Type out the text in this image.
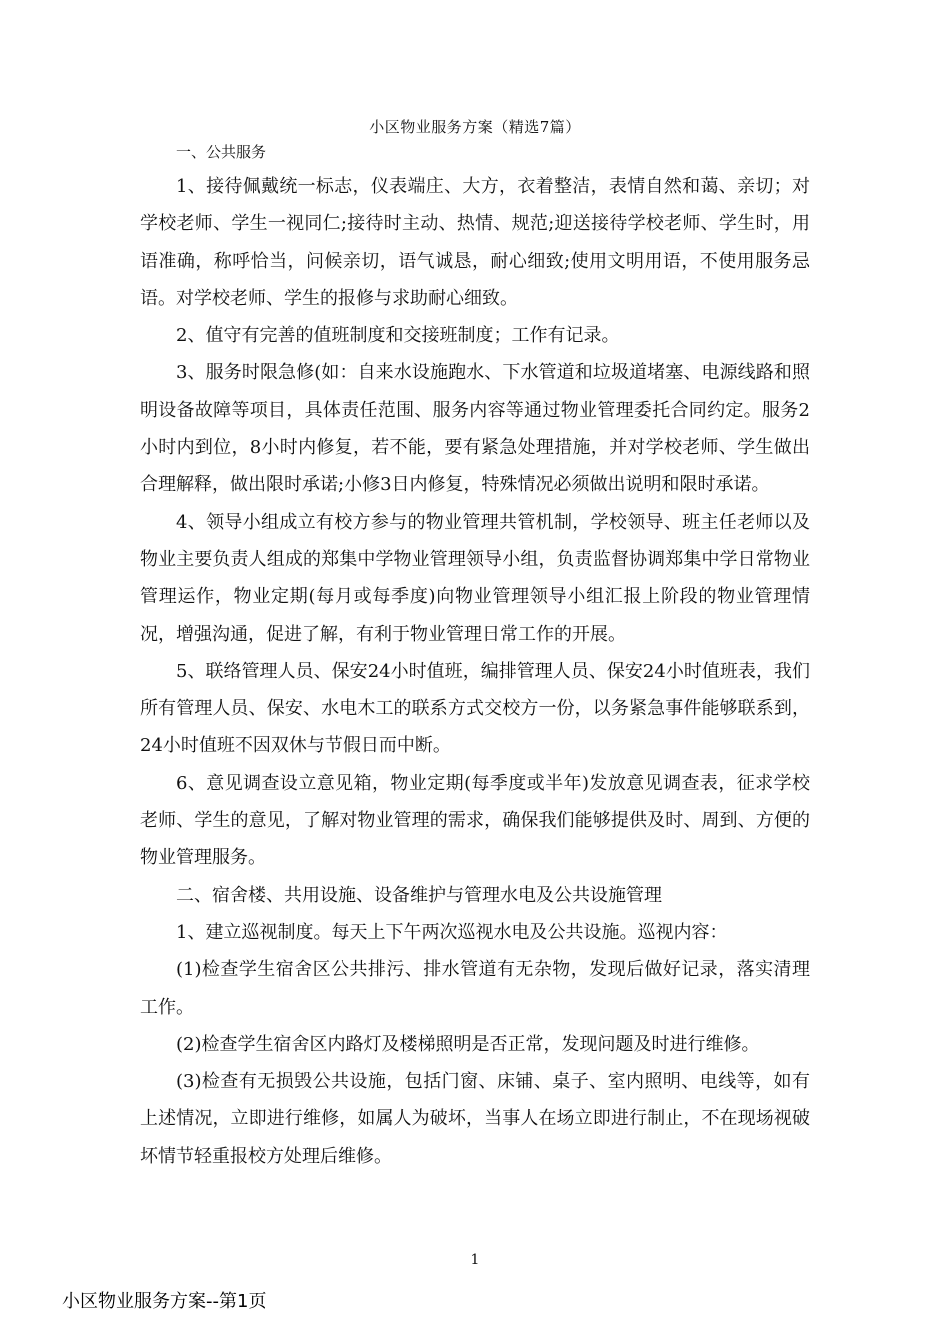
小区物业服务方案（精选7篇）

一、公共服务

1、接待佩戴统一标志，仪表端庄、大方，衣着整洁，表情自然和蔼、亲切；对学校老师、学生一视同仁;接待时主动、热情、规范;迎送接待学校老师、学生时，用语准确，称呼恰当，问候亲切，语气诚恳，耐心细致;使用文明用语，不使用服务忌语。对学校老师、学生的报修与求助耐心细致。

2、值守有完善的值班制度和交接班制度；工作有记录。

3、服务时限急修(如：自来水设施跑水、下水管道和垃圾道堵塞、电源线路和照明设备故障等项目，具体责任范围、服务内容等通过物业管理委托合同约定。服务2小时内到位，8小时内修复，若不能，要有紧急处理措施，并对学校老师、学生做出合理解释，做出限时承诺;小修3日内修复，特殊情况必须做出说明和限时承诺。

4、领导小组成立有校方参与的物业管理共管机制，学校领导、班主任老师以及物业主要负责人组成的郑集中学物业管理领导小组，负责监督协调郑集中学日常物业管理运作，物业定期(每月或每季度)向物业管理领导小组汇报上阶段的物业管理情况，增强沟通，促进了解，有利于物业管理日常工作的开展。

5、联络管理人员、保安24小时值班，编排管理人员、保安24小时值班表，我们所有管理人员、保安、水电木工的联系方式交校方一份，以务紧急事件能够联系到，24小时值班不因双休与节假日而中断。

6、意见调查设立意见箱，物业定期(每季度或半年)发放意见调查表，征求学校老师、学生的意见，了解对物业管理的需求，确保我们能够提供及时、周到、方便的物业管理服务。

二、宿舍楼、共用设施、设备维护与管理水电及公共设施管理

1、建立巡视制度。每天上下午两次巡视水电及公共设施。巡视内容：

(1)检查学生宿舍区公共排污、排水管道有无杂物，发现后做好记录，落实清理工作。

(2)检查学生宿舍区内路灯及楼梯照明是否正常，发现问题及时进行维修。

(3)检查有无损毁公共设施，包括门窗、床铺、桌子、室内照明、电线等，如有上述情况，立即进行维修，如属人为破坏，当事人在场立即进行制止，不在现场视破坏情节轻重报校方处理后维修。

1
小区物业服务方案--第1页
